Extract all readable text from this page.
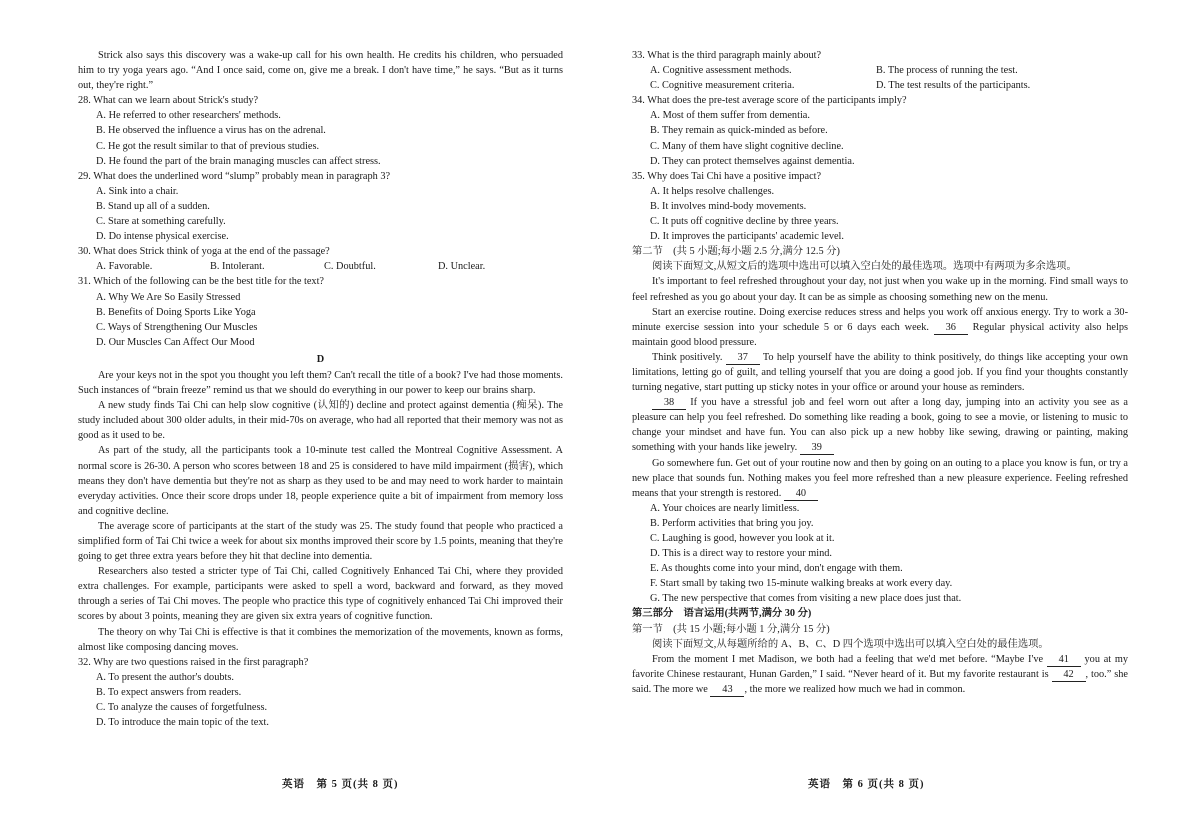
Strick also says this discovery was a wake-up call for his own health. He credits his children, who persuaded him to try yoga years ago. “And I once said, come on, give me a break. I don't have time,” he says. “But as it turns out, they're right.”

28. What can we learn about Strick's study?

A. He referred to other researchers' methods.

B. He observed the influence a virus has on the adrenal.

C. He got the result similar to that of previous studies.

D. He found the part of the brain managing muscles can affect stress.

29. What does the underlined word “slump” probably mean in paragraph 3?

A. Sink into a chair.

B. Stand up all of a sudden.

C. Stare at something carefully.

D. Do intense physical exercise.

30. What does Strick think of yoga at the end of the passage?

A. Favorable.	B. Intolerant.	C. Doubtful.	D. Unclear.

31. Which of the following can be the best title for the text?

A. Why We Are So Easily Stressed

B. Benefits of Doing Sports Like Yoga

C. Ways of Strengthening Our Muscles

D. Our Muscles Can Affect Our Mood

D

Are your keys not in the spot you thought you left them? Can't recall the title of a book? I've had those moments. Such instances of “brain freeze” remind us that we should do everything in our power to keep our brains sharp.

A new study finds Tai Chi can help slow cognitive (认知的) decline and protect against dementia (痴呆). The study included about 300 older adults, in their mid-70s on average, who had all reported that their memory was not as good as it used to be.

As part of the study, all the participants took a 10-minute test called the Montreal Cognitive Assessment. A normal score is 26-30. A person who scores between 18 and 25 is considered to have mild impairment (损害), which means they don't have dementia but they're not as sharp as they used to be and may need to work harder to maintain everyday activities. Once their score drops under 18, people experience quite a bit of impairment from memory loss and cognitive decline.

The average score of participants at the start of the study was 25. The study found that people who practiced a simplified form of Tai Chi twice a week for about six months improved their score by 1.5 points, meaning that they're going to get three extra years before they hit that decline into dementia.

Researchers also tested a stricter type of Tai Chi, called Cognitively Enhanced Tai Chi, where they provided extra challenges. For example, participants were asked to spell a word, backward and forward, as they moved through a series of Tai Chi moves. The people who practice this type of cognitively enhanced Tai Chi improved their scores by about 3 points, meaning they are given six extra years of cognitive function.

The theory on why Tai Chi is effective is that it combines the memorization of the movements, known as forms, almost like composing dancing moves.

32. Why are two questions raised in the first paragraph?

A. To present the author's doubts.

B. To expect answers from readers.

C. To analyze the causes of forgetfulness.

D. To introduce the main topic of the text.

英语　第 5 页(共 8 页)

33. What is the third paragraph mainly about?

A. Cognitive assessment methods.	B. The process of running the test.
C. Cognitive measurement criteria.	D. The test results of the participants.

34. What does the pre-test average score of the participants imply?

A. Most of them suffer from dementia.

B. They remain as quick-minded as before.

C. Many of them have slight cognitive decline.

D. They can protect themselves against dementia.

35. Why does Tai Chi have a positive impact?

A. It helps resolve challenges.

B. It involves mind-body movements.

C. It puts off cognitive decline by three years.

D. It improves the participants' academic level.

第二节　(共 5 小题;每小题 2.5 分,满分 12.5 分)

阅读下面短文,从短文后的选项中选出可以填入空白处的最佳选项。选项中有两项为多余选项。

It's important to feel refreshed throughout your day, not just when you wake up in the morning. Find small ways to feel refreshed as you go about your day. It can be as simple as choosing something new on the menu.

Start an exercise routine. Doing exercise reduces stress and helps you work off anxious energy. Try to work a 30-minute exercise session into your schedule 5 or 6 days each week. 36 Regular physical activity also helps maintain good blood pressure.

Think positively. 37 To help yourself have the ability to think positively, do things like accepting your own limitations, letting go of guilt, and telling yourself that you are doing a good job. If you find your thoughts constantly turning negative, start putting up sticky notes in your office or around your house as reminders.

38 If you have a stressful job and feel worn out after a long day, jumping into an activity you see as a pleasure can help you feel refreshed. Do something like reading a book, going to see a movie, or listening to music to change your mindset and have fun. You can also pick up a new hobby like sewing, drawing or painting, making something with your hands like jewelry. 39

Go somewhere fun. Get out of your routine now and then by going on an outing to a place you know is fun, or try a new place that sounds fun. Nothing makes you feel more refreshed than a new pleasure experience. Feeling refreshed means that your strength is restored. 40

A. Your choices are nearly limitless.

B. Perform activities that bring you joy.

C. Laughing is good, however you look at it.

D. This is a direct way to restore your mind.

E. As thoughts come into your mind, don't engage with them.

F. Start small by taking two 15-minute walking breaks at work every day.

G. The new perspective that comes from visiting a new place does just that.

第三部分　语言运用(共两节,满分 30 分)

第一节　(共 15 小题;每小题 1 分,满分 15 分)

阅读下面短文,从每题所给的 A、B、C、D 四个选项中选出可以填入空白处的最佳选项。

From the moment I met Madison, we both had a feeling that we'd met before. “Maybe I've 41 you at my favorite Chinese restaurant, Hunan Garden,” I said. “Never heard of it. But my favorite restaurant is 42 , too.” she said. The more we 43 , the more we realized how much we had in common.

英语　第 6 页(共 8 页)
